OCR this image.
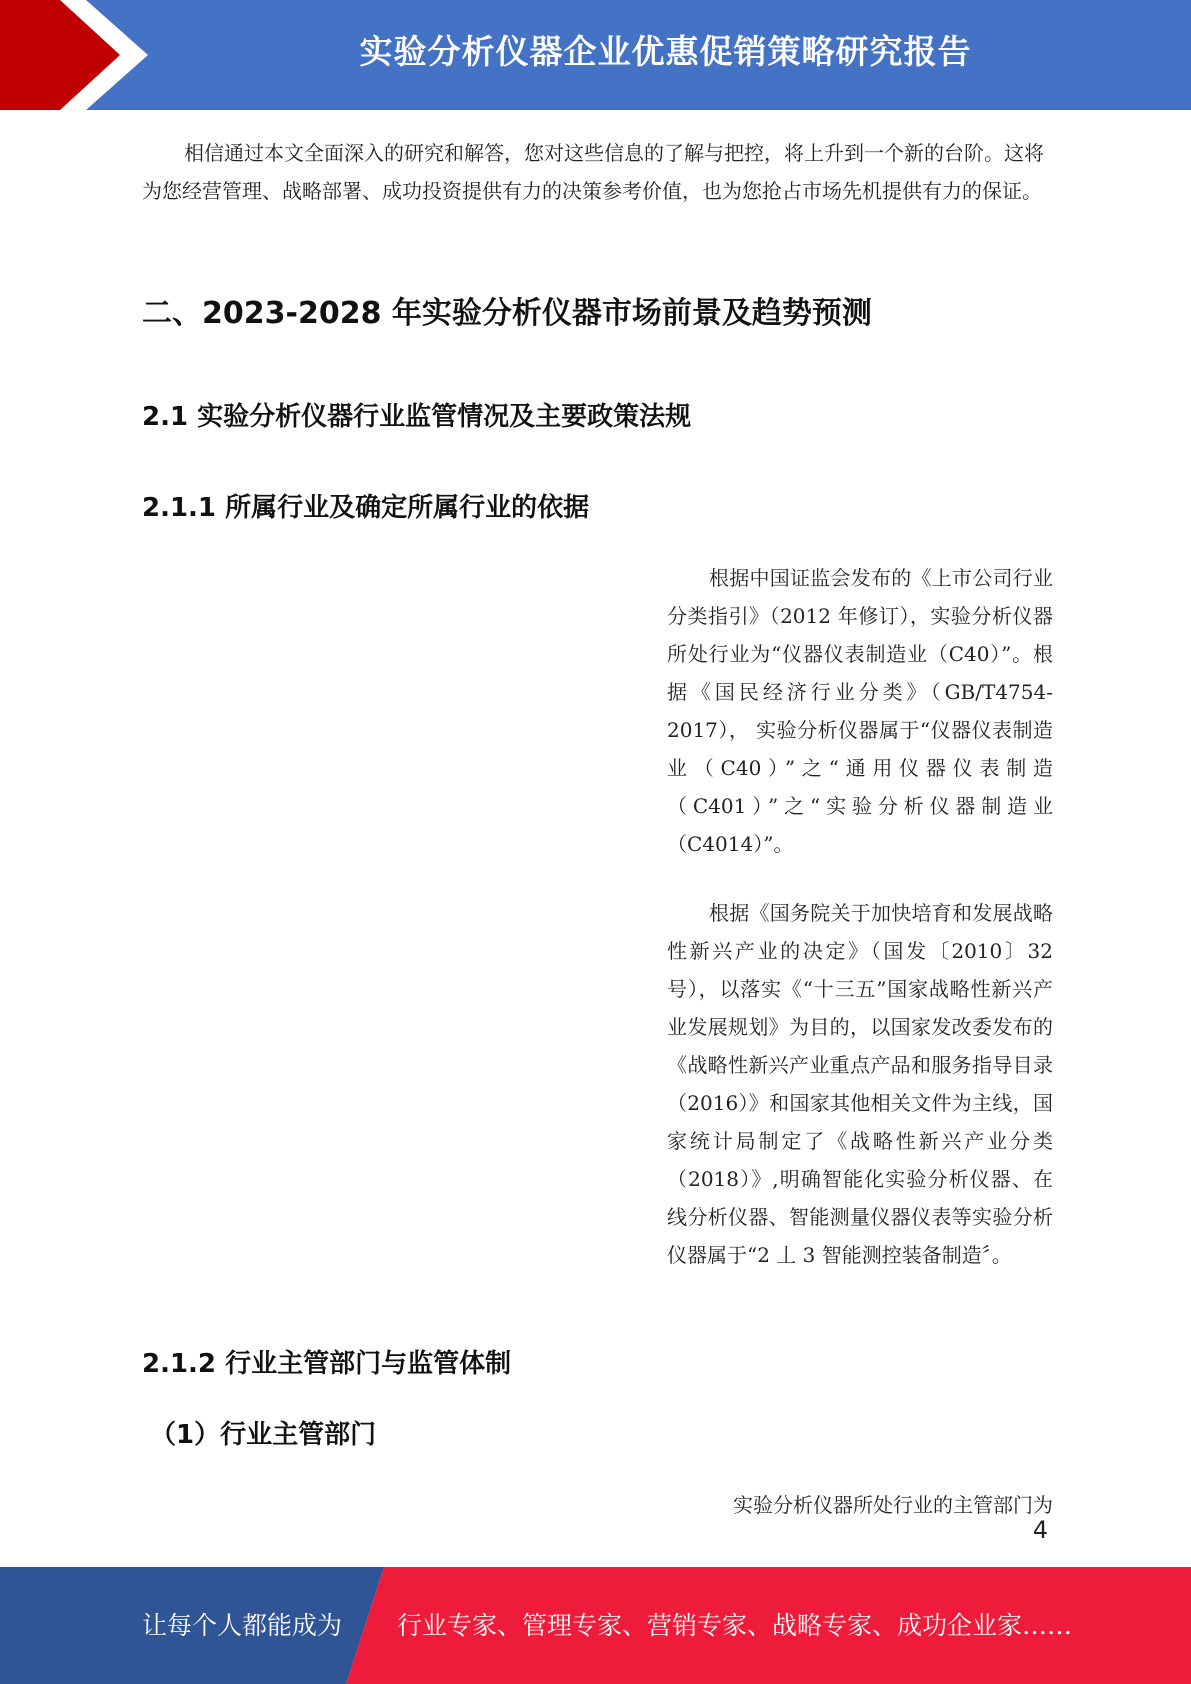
实验分析仪器企业优惠促销策略研究报告

相信通过本文全面深入的研究和解答，您对这些信息的了解与把控，将上升到一个新的台阶。这将为您经营管理、战略部署、成功投资提供有力的决策参考价值，也为您抢占市场先机提供有力的保证。

二、2023-2028 年实验分析仪器市场前景及趋势预测
2.1 实验分析仪器行业监管情况及主要政策法规
2.1.1 所属行业及确定所属行业的依据

根据中国证监会发布的《上市公司行业分类指引》（2012 年修订），实验分析仪器所处行业为“仪器仪表制造业（C40）”。根据《国民经济行业分类》（GB/T4754-2017）， 实验分析仪器属于“仪器仪表制造业（C40）”之“通用仪器仪表制造（C401）”之“实验分析仪器制造业（C4014）”。

根据《国务院关于加快培育和发展战略性新兴产业的决定》（国发〔2010〕32 号），以落实《“十三五”国家战略性新兴产业发展规划》为目的，以国家发改委发布的《战略性新兴产业重点产品和服务指导目录（2016）》和国家其他相关文件为主线，国家统计局制定了《战略性新兴产业分类（2018）》,明确智能化实验分析仪器、在线分析仪器、智能测量仪器仪表等实验分析仪器属于“2 丄 3 智能测控装备制造〞。

2.1.2 行业主管部门与监管体制
（1）行业主管部门

实验分析仪器所处行业的主管部门为

4
让每个人都能成为 行业专家、管理专家、营销专家、战略专家、成功企业家……
